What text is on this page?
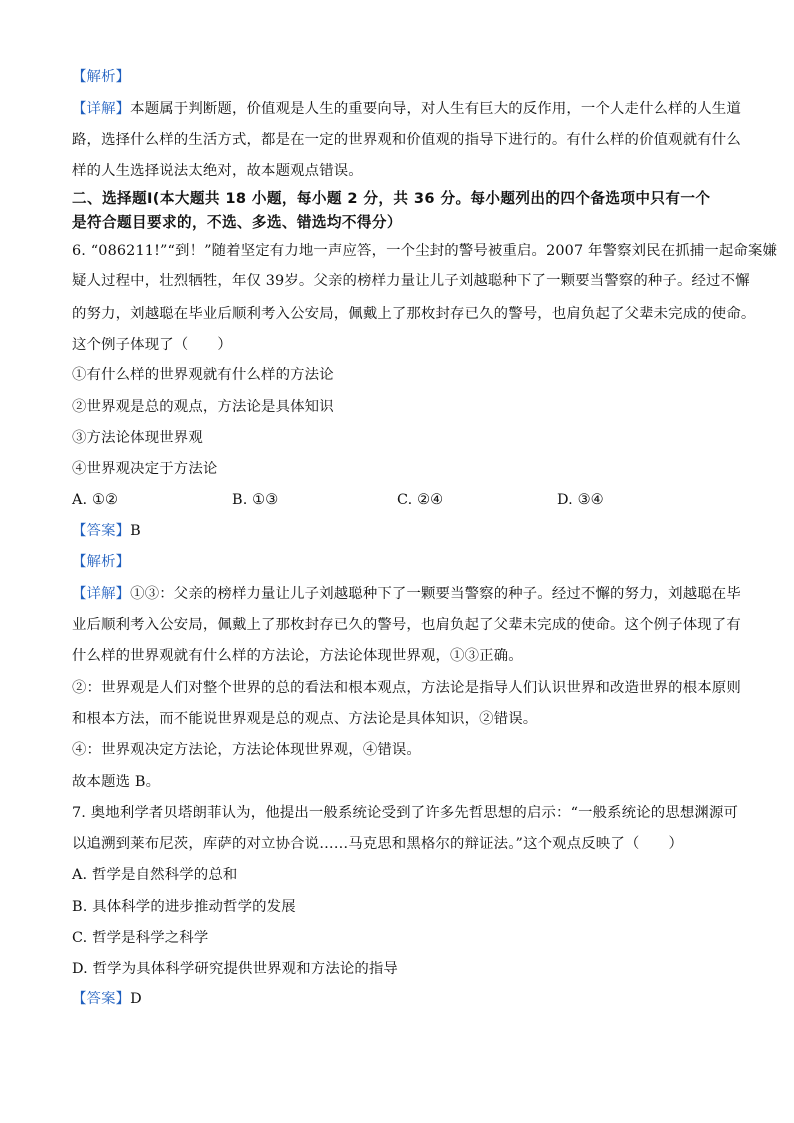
【解析】
【详解】本题属于判断题，价值观是人生的重要向导，对人生有巨大的反作用，一个人走什么样的人生道
路，选择什么样的生活方式，都是在一定的世界观和价值观的指导下进行的。有什么样的价值观就有什么
样的人生选择说法太绝对，故本题观点错误。
二、选择题Ⅰ(本大题共 18 小题，每小题 2 分，共 36 分。每小题列出的四个备选项中只有一个
是符合题目要求的，不选、多选、错选均不得分）
6. “086211!”“到！”随着坚定有力地一声应答，一个尘封的警号被重启。2007 年警察刘民在抓捕一起命案嫌
疑人过程中，壮烈牺牲，年仅 39岁。父亲的榜样力量让儿子刘越聪种下了一颗要当警察的种子。经过不懈
的努力，刘越聪在毕业后顺利考入公安局，佩戴上了那枚封存已久的警号，也肩负起了父辈未完成的使命。
这个例子体现了（　　）
①有什么样的世界观就有什么样的方法论
②世界观是总的观点，方法论是具体知识
③方法论体现世界观
④世界观决定于方法论
A. ①②	B. ①③	C. ②④	D. ③④
【答案】B
【解析】
【详解】①③：父亲的榜样力量让儿子刘越聪种下了一颗要当警察的种子。经过不懈的努力，刘越聪在毕
业后顺利考入公安局，佩戴上了那枚封存已久的警号，也肩负起了父辈未完成的使命。这个例子体现了有
什么样的世界观就有什么样的方法论，方法论体现世界观，①③正确。
②：世界观是人们对整个世界的总的看法和根本观点，方法论是指导人们认识世界和改造世界的根本原则
和根本方法，而不能说世界观是总的观点、方法论是具体知识，②错误。
④：世界观决定方法论，方法论体现世界观，④错误。
故本题选 B。
7. 奥地利学者贝塔朗菲认为，他提出一般系统论受到了许多先哲思想的启示：“一般系统论的思想渊源可
以追溯到莱布尼茨，库萨的对立协合说……马克思和黑格尔的辩证法。”这个观点反映了（　　）
A. 哲学是自然科学的总和
B. 具体科学的进步推动哲学的发展
C. 哲学是科学之科学
D. 哲学为具体科学研究提供世界观和方法论的指导
【答案】D
